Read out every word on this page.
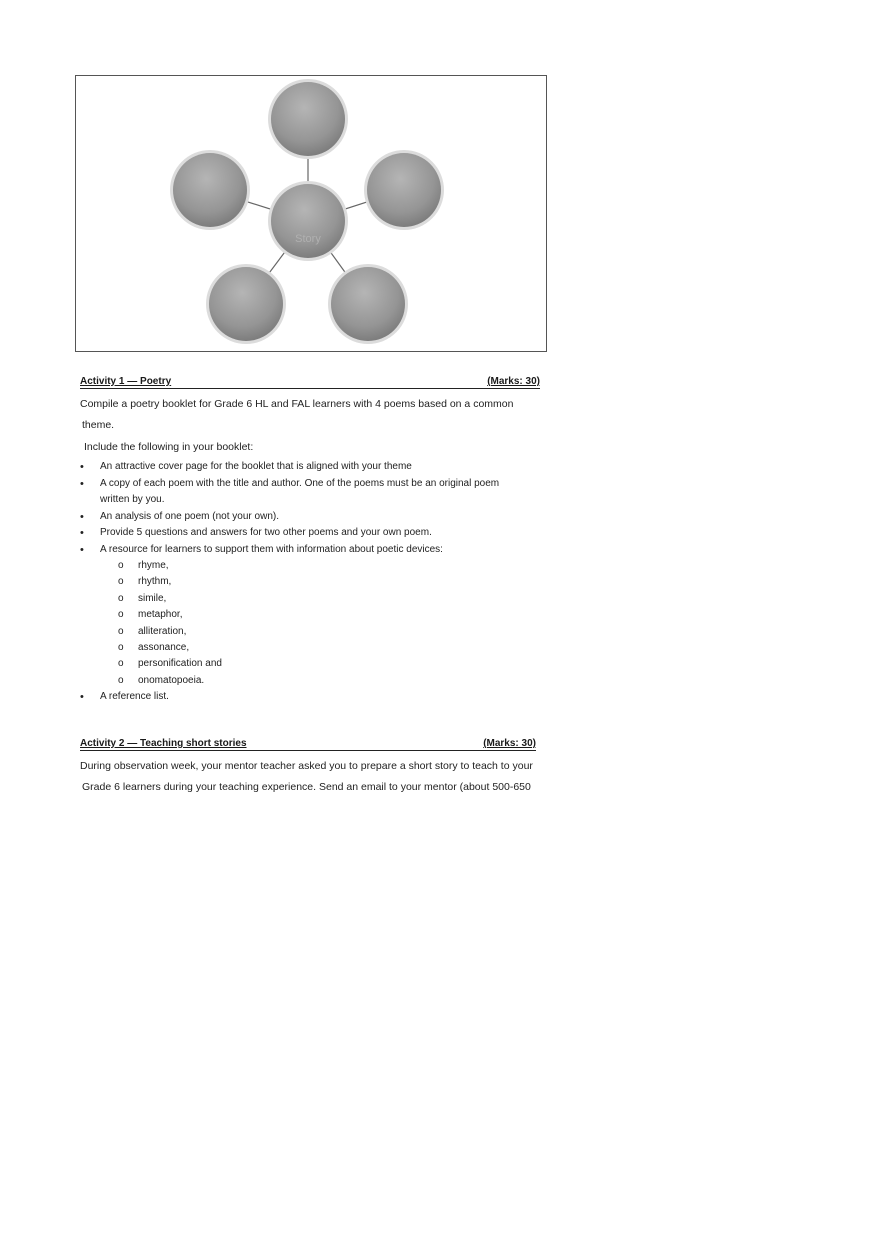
Story
Activity 1 — Poetry	(Marks: 30)
Compile a poetry booklet for Grade 6 HL and FAL learners with 4 poems based on a common
theme.
Include the following in your booklet:
• An attractive cover page for the booklet that is aligned with your theme
• A copy of each poem with the title and author. One of the poems must be an original poem
written by you.
• An analysis of one poem (not your own).
• Provide 5 questions and answers for two other poems and your own poem.
• A resource for learners to support them with information about poetic devices:
o rhyme,
o rhythm,
o simile,
o metaphor,
o alliteration,
o assonance,
o personification and
o onomatopoeia.
• A reference list.
Activity 2 — Teaching short stories	(Marks: 30)
During observation week, your mentor teacher asked you to prepare a short story to teach to your
Grade 6 learners during your teaching experience. Send an email to your mentor (about 500-650
